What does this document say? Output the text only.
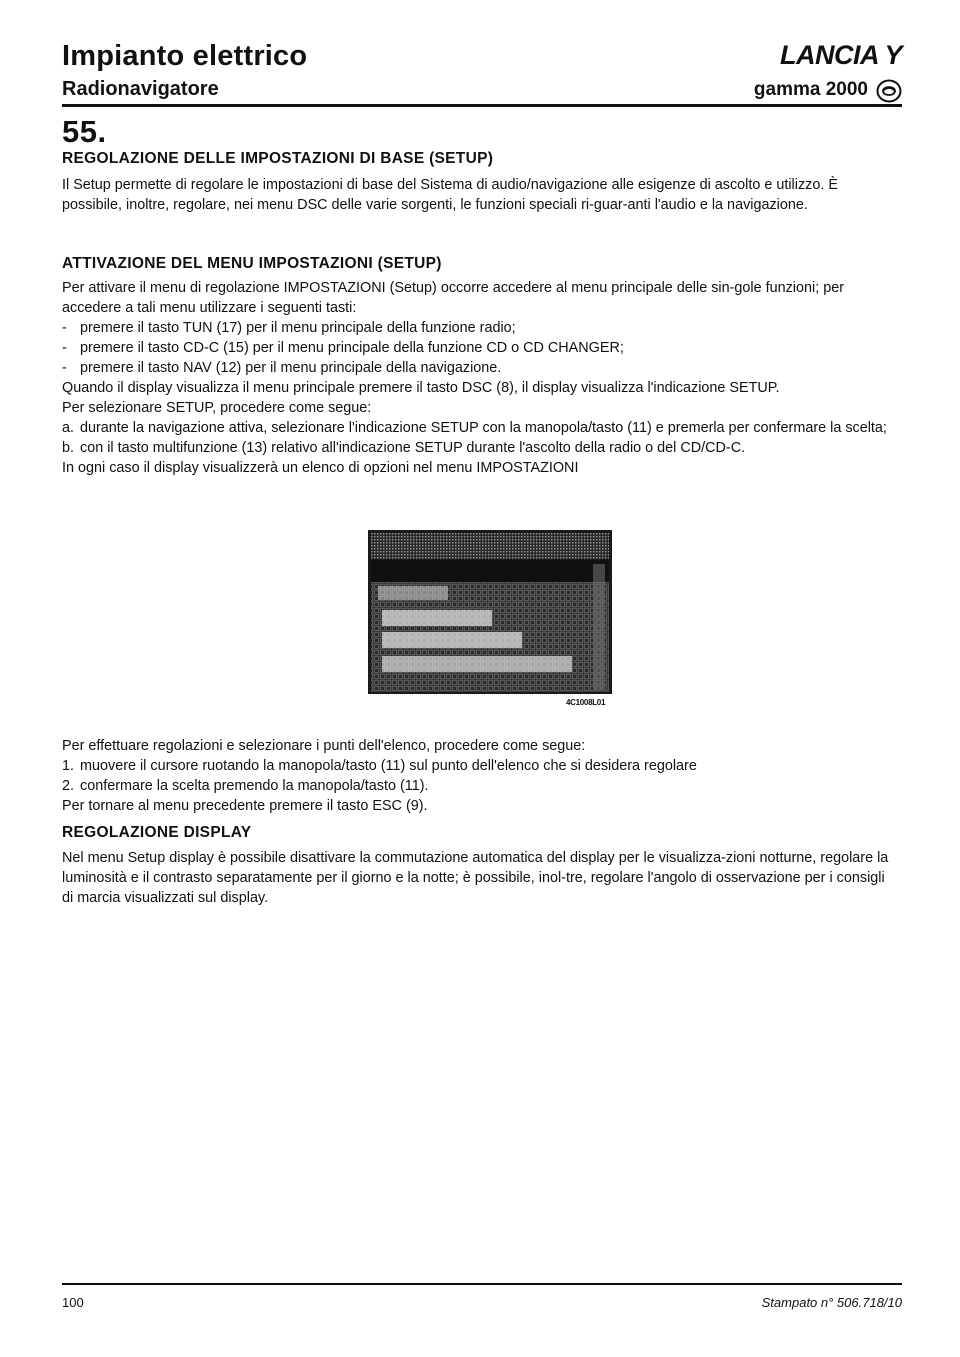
Impianto elettrico
Radionavigatore
LANCIA Y
gamma 2000
55.
REGOLAZIONE DELLE IMPOSTAZIONI DI BASE (SETUP)

Il Setup permette di regolare le impostazioni di base del Sistema di audio/navigazione alle esigenze di ascolto e utilizzo. È possibile, inoltre, regolare, nei menu DSC delle varie sorgenti, le funzioni speciali ri-guar-anti l'audio e la navigazione.

ATTIVAZIONE DEL MENU IMPOSTAZIONI (SETUP)

Per attivare il menu di regolazione IMPOSTAZIONI (Setup) occorre accedere al menu principale delle sin-gole funzioni; per accedere a tali menu utilizzare i seguenti tasti:

- premere il tasto TUN (17) per il menu principale della funzione radio;
- premere il tasto CD-C (15) per il menu principale della funzione CD o CD CHANGER;
- premere il tasto NAV (12) per il menu principale della navigazione.

Quando il display visualizza il menu principale premere il tasto DSC (8), il display visualizza l'indicazione SETUP.

Per selezionare SETUP, procedere come segue:

a. durante la navigazione attiva, selezionare l'indicazione SETUP con la manopola/tasto (11) e premerla per confermare la scelta;
b. con il tasto multifunzione (13) relativo all'indicazione SETUP durante l'ascolto della radio o del CD/CD-C.

In ogni caso il display visualizzerà un elenco di opzioni nel menu IMPOSTAZIONI

4C1008L01

Per effettuare regolazioni e selezionare i punti dell'elenco, procedere come segue:

1. muovere il cursore ruotando la manopola/tasto (11) sul punto dell'elenco che si desidera regolare
2. confermare la scelta premendo la manopola/tasto (11).

Per tornare al menu precedente premere il tasto ESC (9).

REGOLAZIONE DISPLAY

Nel menu Setup display è possibile disattivare la commutazione automatica del display per le visualizza-zioni notturne, regolare la luminosità e il contrasto separatamente per il giorno e la notte; è possibile, inol-tre, regolare l'angolo di osservazione per i consigli di marcia visualizzati sul display.

100	Stampato n° 506.718/10
